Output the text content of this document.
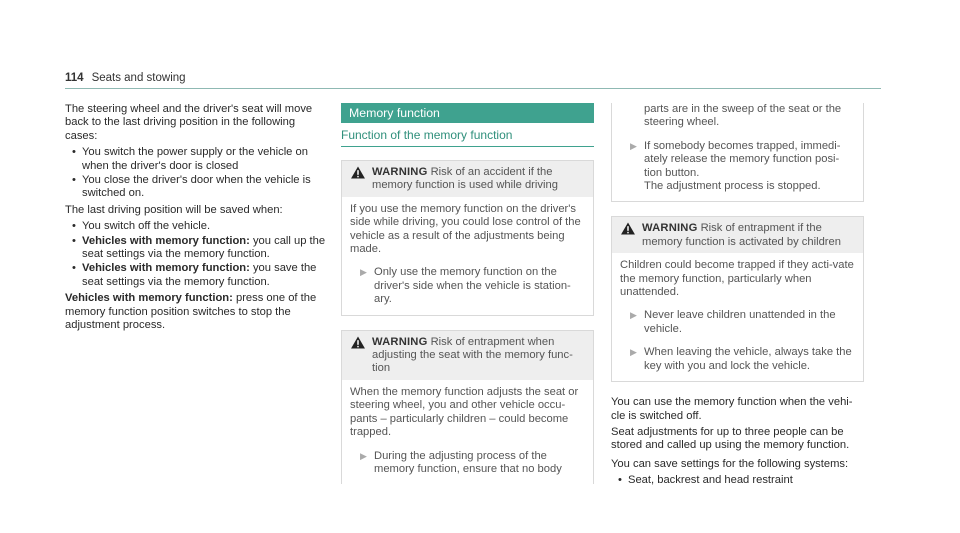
114 Seats and stowing

The steering wheel and the driver's seat will move back to the last driving position in the following cases:

• You switch the power supply or the vehicle on when the driver's door is closed
• You close the driver's door when the vehicle is switched on.

The last driving position will be saved when:

• You switch off the vehicle.
• Vehicles with memory function: you call up the seat settings via the memory function.
• Vehicles with memory function: you save the seat settings via the memory function.

Vehicles with memory function: press one of the memory function position switches to stop the adjustment process.

Memory function
Function of the memory function
WARNING Risk of an accident if the memory function is used while driving
If you use the memory function on the driver's side while driving, you could lose control of the vehicle as a result of the adjustments being made.
▶ Only use the memory function on the driver's side when the vehicle is station-ary.
WARNING Risk of entrapment when adjusting the seat with the memory func-tion
When the memory function adjusts the seat or steering wheel, you and other vehicle occu-pants – particularly children – could become trapped.
▶ During the adjusting process of the memory function, ensure that no body
parts are in the sweep of the seat or the steering wheel.
▶ If somebody becomes trapped, immedi-ately release the memory function posi-tion button.
The adjustment process is stopped.
WARNING Risk of entrapment if the memory function is activated by children
Children could become trapped if they acti-vate the memory function, particularly when unattended.
▶ Never leave children unattended in the vehicle.
▶ When leaving the vehicle, always take the key with you and lock the vehicle.

You can use the memory function when the vehi-cle is switched off.

Seat adjustments for up to three people can be stored and called up using the memory function.

You can save settings for the following systems:

• Seat, backrest and head restraint
